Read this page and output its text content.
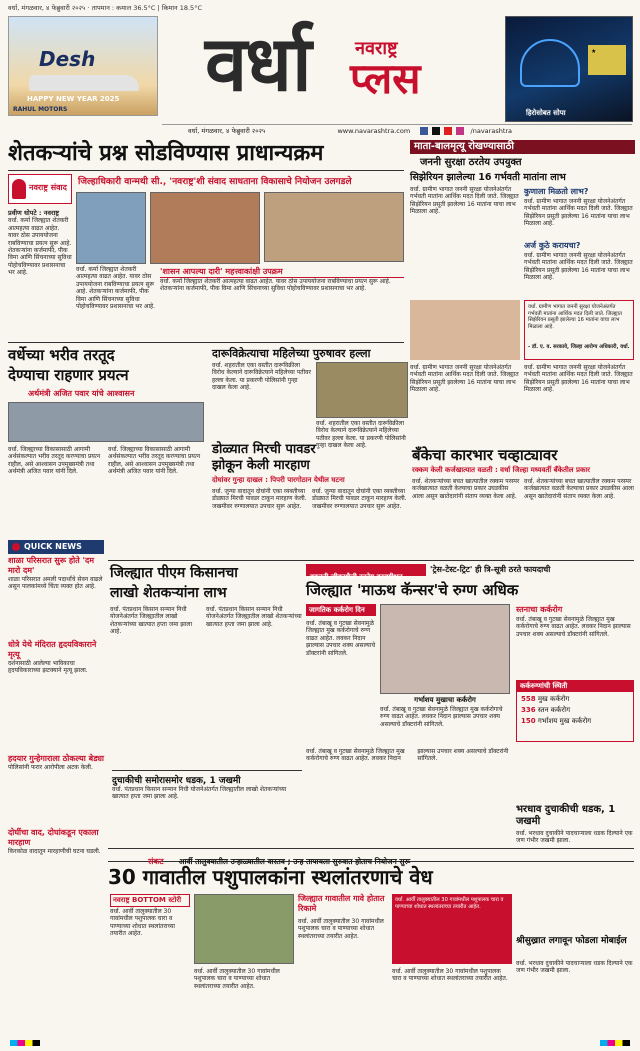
वर्धा, मंगळवार, ४ फेब्रुवारी २०२५ · तापमान : कमाल 36.5°C | किमान 18.5°C
Desh
HAPPY NEW YEAR 2025
RAHUL MOTORS
वर्धा	नवराष्ट्र
प्लस
★
हिरोसोबत सोपा
वर्धा, मंगळवार, ४ फेब्रुवारी २०२५	www.navarashtra.com	/navarashtra
शेतकऱ्यांचे प्रश्न सोडविण्यास प्राधान्यक्रम
नवराष्ट्र संवाद
जिल्हाधिकारी वान्मथी सी., 'नवराष्ट्र'शी संवाद साधताना विकासाचे नियोजन उलगडले
प्रवीण धोपटे : नवराष्ट्र
वर्धा. कर्मा जिल्ह्यात शेतकरी आत्महत्या वाढत आहेत. यावर ठोस उपाययोजना राबविण्याचा प्रयत्न सुरू आहे. शेतकऱ्यांना कर्जमाफी, पीक विमा आणि सिंचनाच्या सुविधा पोहोचविण्यावर प्रशासनाचा भर आहे.	'शासन आपल्या दारी' महत्त्वाकांक्षी उपक्रम
वर्धा. कर्मा जिल्ह्यात शेतकरी आत्महत्या वाढत आहेत. यावर ठोस उपाययोजना राबविण्याचा प्रयत्न सुरू आहे. शेतकऱ्यांना कर्जमाफी, पीक विमा आणि सिंचनाच्या सुविधा पोहोचविण्यावर प्रशासनाचा भर आहे.
वर्धा. कर्मा जिल्ह्यात शेतकरी आत्महत्या वाढत आहेत. यावर ठोस उपाययोजना राबविण्याचा प्रयत्न सुरू आहे. शेतकऱ्यांना कर्जमाफी, पीक विमा आणि सिंचनाच्या सुविधा पोहोचविण्यावर प्रशासनाचा भर आहे.
माता-बालमृत्यू रोखण्यासाठी
जननी सुरक्षा ठरतेय उपयुक्त
सिझेरियन झालेल्या 16 गर्भवती मातांना लाभ
वर्धा. ग्रामीण भागात जननी सुरक्षा योजनेअंतर्गत गर्भवती मातांना आर्थिक मदत दिली जाते. जिल्ह्यात सिझेरियन प्रसूती झालेल्या 16 मातांना याचा लाभ मिळाला आहे.
कुणाला मिळतो लाभ?
वर्धा. ग्रामीण भागात जननी सुरक्षा योजनेअंतर्गत गर्भवती मातांना आर्थिक मदत दिली जाते. जिल्ह्यात सिझेरियन प्रसूती झालेल्या 16 मातांना याचा लाभ मिळाला आहे.
अर्ज कुठे करायचा?
वर्धा. ग्रामीण भागात जननी सुरक्षा योजनेअंतर्गत गर्भवती मातांना आर्थिक मदत दिली जाते. जिल्ह्यात सिझेरियन प्रसूती झालेल्या 16 मातांना याचा लाभ मिळाला आहे.
वर्धा. ग्रामीण भागात जननी सुरक्षा योजनेअंतर्गत गर्भवती मातांना आर्थिक मदत दिली जाते. जिल्ह्यात सिझेरियन प्रसूती झालेल्या 16 मातांना याचा लाभ मिळाला आहे.
- डॉ. ए. व. सरकावे, जिल्हा आरोग्य अधिकारी, वर्धा.
वर्धा. ग्रामीण भागात जननी सुरक्षा योजनेअंतर्गत गर्भवती मातांना आर्थिक मदत दिली जाते. जिल्ह्यात सिझेरियन प्रसूती झालेल्या 16 मातांना याचा लाभ मिळाला आहे.
वर्धा. ग्रामीण भागात जननी सुरक्षा योजनेअंतर्गत गर्भवती मातांना आर्थिक मदत दिली जाते. जिल्ह्यात सिझेरियन प्रसूती झालेल्या 16 मातांना याचा लाभ मिळाला आहे.
वर्धेच्या भरीव तरतूद
देण्याचा राहणार प्रयत्न
अर्थमंत्री अजित पवार यांचे आश्वासन
वर्धा. जिल्ह्याच्या विकासासाठी आगामी अर्थसंकल्पात भरीव तरतूद करण्याचा प्रयत्न राहील, असे आश्वासन उपमुख्यमंत्री तथा अर्थमंत्री अजित पवार यांनी दिले.
वर्धा. जिल्ह्याच्या विकासासाठी आगामी अर्थसंकल्पात भरीव तरतूद करण्याचा प्रयत्न राहील, असे आश्वासन उपमुख्यमंत्री तथा अर्थमंत्री अजित पवार यांनी दिले.
दारूविक्रेत्याचा महिलेच्या पुरुषावर हल्ला
वर्धा. शहरातील एका वस्तीत दारूविक्रीला विरोध केल्याने दारूविक्रेत्याने महिलेच्या पतीवर हल्ला केला. या प्रकरणी पोलिसांनी गुन्हा दाखल केला आहे.
वर्धा. शहरातील एका वस्तीत दारूविक्रीला विरोध केल्याने दारूविक्रेत्याने महिलेच्या पतीवर हल्ला केला. या प्रकरणी पोलिसांनी गुन्हा दाखल केला आहे.
डोळ्यात मिरची पावडर
झोकून केली मारहाण
दोघांवर गुन्हा दाखल : पिपरी पारगोठान येथील घटना
वर्धा. जुन्या वादातून दोघांनी एका व्यक्तीच्या डोळ्यात मिरची पावडर टाकून मारहाण केली. जखमीवर रुग्णालयात उपचार सुरू आहेत.
वर्धा. जुन्या वादातून दोघांनी एका व्यक्तीच्या डोळ्यात मिरची पावडर टाकून मारहाण केली. जखमीवर रुग्णालयात उपचार सुरू आहेत.
बँकेचा कारभार चव्हाट्यावर
रक्कम केली कर्जखात्यात वळती : वर्धा जिल्हा मध्यवर्ती बँकेतील प्रकार
वर्धा. शेतकऱ्यांच्या बचत खात्यातील रक्कम परस्पर कर्जखात्यात वळती केल्याचा प्रकार उघडकीस आला असून खातेदारांनी संताप व्यक्त केला आहे.
वर्धा. शेतकऱ्यांच्या बचत खात्यातील रक्कम परस्पर कर्जखात्यात वळती केल्याचा प्रकार उघडकीस आला असून खातेदारांनी संताप व्यक्त केला आहे.
QUICK NEWS
शाळा परिसरात सुरू होते 'दम मारो दम'
शाळा परिसरात अमली पदार्थांचे सेवन वाढले असून पालकांमध्ये चिंता व्यक्त होत आहे.
धोत्रे येथे मंदिरात हृदयविकाराने मृत्यू
दर्शनासाठी आलेल्या भाविकाचा हृदयविकाराच्या झटक्याने मृत्यू झाला.
हदयार गुन्हेगाराला ठोकल्या बेड्या
पोलिसांनी फरार आरोपीला अटक केली.
दोघींचा वाद, दोघांकडून एकाला मारहाण
किरकोळ वादातून मारहाणीची घटना घडली.
जिल्ह्यात पीएम किसानचा
लाखो शेतकऱ्यांना लाभ
वर्धा. पंतप्रधान किसान सन्मान निधी योजनेअंतर्गत जिल्ह्यातील लाखो शेतकऱ्यांच्या खात्यात हप्ता जमा झाला आहे.
वर्धा. पंतप्रधान किसान सन्मान निधी योजनेअंतर्गत जिल्ह्यातील लाखो शेतकऱ्यांच्या खात्यात हप्ता जमा झाला आहे.
दुचाकीची समोरासमोर धडक, 1 जखमी
वर्धा. पंतप्रधान किसान सन्मान निधी योजनेअंतर्गत जिल्ह्यातील लाखो शेतकऱ्यांच्या खात्यात हप्ता जमा झाला आहे.
बदलती जीवनशैली ठरतेय कारणीभूत
'ट्रेस-टेस्ट-ट्रिट' ही त्रि-सूत्री ठरते फायदाची
जिल्ह्यात 'माऊथ कॅन्सर'चे रुग्ण अधिक
जागतिक कर्करोग दिन
वर्धा. तंबाखू व गुटखा सेवनामुळे जिल्ह्यात मुख कर्करोगाचे रुग्ण वाढत आहेत. लवकर निदान झाल्यास उपचार शक्य असल्याचे डॉक्टरांनी सांगितले.
गर्भाशय मुखाचा कर्करोग
वर्धा. तंबाखू व गुटखा सेवनामुळे जिल्ह्यात मुख कर्करोगाचे रुग्ण वाढत आहेत. लवकर निदान झाल्यास उपचार शक्य असल्याचे डॉक्टरांनी सांगितले.
स्तनाचा कर्करोग
वर्धा. तंबाखू व गुटखा सेवनामुळे जिल्ह्यात मुख कर्करोगाचे रुग्ण वाढत आहेत. लवकर निदान झाल्यास उपचार शक्य असल्याचे डॉक्टरांनी सांगितले.
कर्करुग्णांची स्थिती
558 मुख कर्करोग
336 स्तन कर्करोग
150 गर्भाशय मुख कर्करोग
वर्धा. तंबाखू व गुटखा सेवनामुळे जिल्ह्यात मुख कर्करोगाचे रुग्ण वाढत आहेत. लवकर निदान झाल्यास उपचार शक्य असल्याचे डॉक्टरांनी सांगितले.
संकट आर्वी तालुक्यातील उन्हाळ्यातील वास्तव ; उन्ह तापायला सुरुवात होताच नियोजन सुरू
30 गावातील पशुपालकांना स्थलांतरणाचे वेध
नवराष्ट्र BOTTOM स्टोरी
वर्धा. आर्वी तालुक्यातील 30 गावांमधील पशुपालक चारा व पाण्याच्या शोधात स्थलांतराच्या तयारीत आहेत.
वर्धा. आर्वी तालुक्यातील 30 गावांमधील पशुपालक चारा व पाण्याच्या शोधात स्थलांतराच्या तयारीत आहेत.
जिल्ह्यात गावातील गावे होतात रिकामे
वर्धा. आर्वी तालुक्यातील 30 गावांमधील पशुपालक चारा व पाण्याच्या शोधात स्थलांतराच्या तयारीत आहेत.
वर्धा. आर्वी तालुक्यातील 30 गावांमधील पशुपालक चारा व पाण्याच्या शोधात स्थलांतराच्या तयारीत आहेत.
वर्धा. आर्वी तालुक्यातील 30 गावांमधील पशुपालक चारा व पाण्याच्या शोधात स्थलांतराच्या तयारीत आहेत.
भरधाव दुचाकीची धडक, 1 जखमी
वर्धा. भरधाव दुचाकीने पादचाऱ्याला धडक दिल्याने एक जण गंभीर जखमी झाला.
श्रीसुख्रात लगावून फोडला मोबाईल
वर्धा. भरधाव दुचाकीने पादचाऱ्याला धडक दिल्याने एक जण गंभीर जखमी झाला.
